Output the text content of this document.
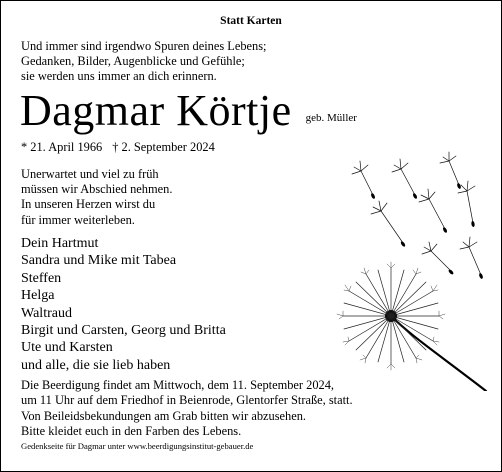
Statt Karten
Und immer sind irgendwo Spuren deines Lebens;
Gedanken, Bilder, Augenblicke und Gefühle;
sie werden uns immer an dich erinnern.
Dagmar Körtje $^{geb. Müller}$
* 21. April 1966 † 2. September 2024
Unerwartet und viel zu früh
müssen wir Abschied nehmen.
In unseren Herzen wirst du
für immer weiterleben.
Dein Hartmut
Sandra und Mike mit Tabea
Steffen
Helga
Waltraud
Birgit und Carsten, Georg und Britta
Ute und Karsten
und alle, die sie lieb haben
Die Beerdigung findet am Mittwoch, dem 11. September 2024,
um 11 Uhr auf dem Friedhof in Beienrode, Glentorfer Straße, statt.
Von Beileidsbekundungen am Grab bitten wir abzusehen.
Bitte kleidet euch in den Farben des Lebens.
Gedenkseite für Dagmar unter www.beerdigungsinstitut-gebauer.de
